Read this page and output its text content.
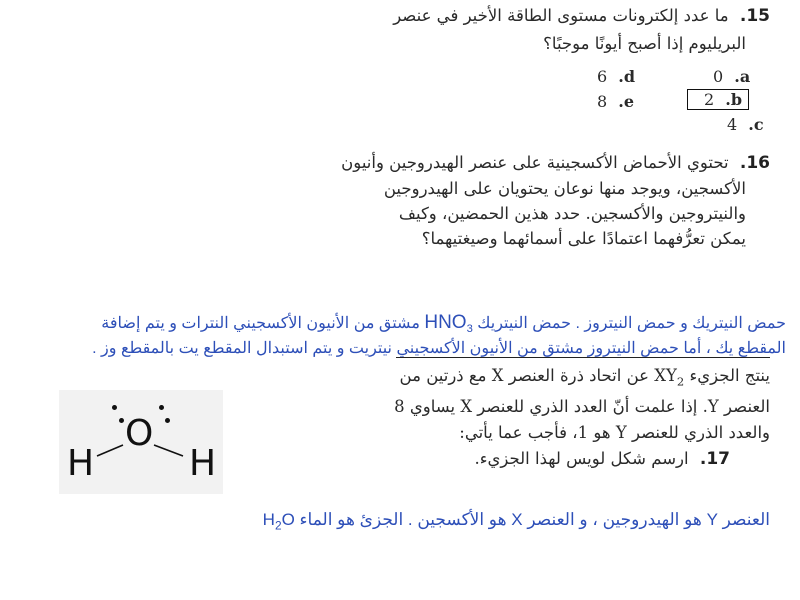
15. ما عدد إلكترونات مستوى الطاقة الأخير في عنصر
البريليوم إذا أصبح أيونًا موجبًا؟
0 .a
2 .b
4 .c
6 .d
8 .e
16. تحتوي الأحماض الأكسجينية على عنصر الهيدروجين وأنيون
الأكسجين، ويوجد منها نوعان يحتويان على الهيدروجين
والنيتروجين والأكسجين. حدد هذين الحمضين، وكيف
يمكن تعرُّفهما اعتمادًا على أسمائهما وصيغتيهما؟
حمض النيتريك و حمض النيتروز . حمض النيتريك $HNO_3$ مشتق من الأنيون الأكسجيني النترات و يتم إضافة
المقطع يك ، أما حمض النيتروز مشتق من الأنيون الأكسجيني نيتريت و يتم استبدال المقطع يت بالمقطع وز .
ينتج الجزيء $XY_2$ عن اتحاد ذرة العنصر X مع ذرتين من
العنصر Y. إذا علمت أنّ العدد الذري للعنصر X يساوي 8
والعدد الذري للعنصر Y هو 1، فأجب عما يأتي:
17. ارسم شكل لويس لهذا الجزيء.
O
H	H
العنصر Y هو الهيدروجين ، و العنصر X هو الأكسجين . الجزئ هو الماء $H_2O$
